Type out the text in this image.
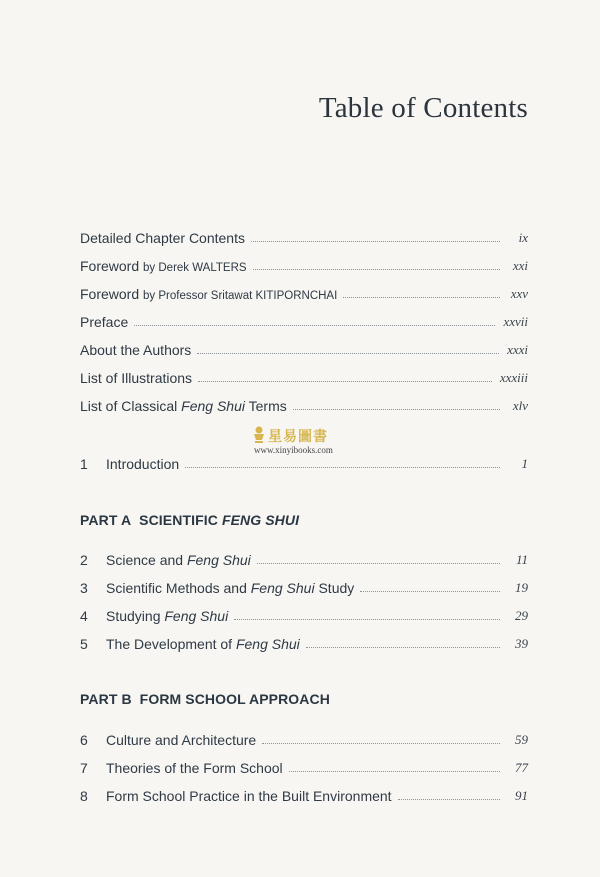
Table of Contents
Detailed Chapter Contents	ix
Foreword by Derek WALTERS	xxi
Foreword by Professor Sritawat KITIPORNCHAI	xxv
Preface	xxvii
About the Authors	xxxi
List of Illustrations	xxxiii
List of Classical Feng Shui Terms	xlv
星易圖書
www.xinyibooks.com
1 Introduction	1
PART A SCIENTIFIC FENG SHUI
2 Science and Feng Shui	11
3 Scientific Methods and Feng Shui Study	19
4 Studying Feng Shui	29
5 The Development of Feng Shui	39
PART B FORM SCHOOL APPROACH
6 Culture and Architecture	59
7 Theories of the Form School	77
8 Form School Practice in the Built Environment	91
